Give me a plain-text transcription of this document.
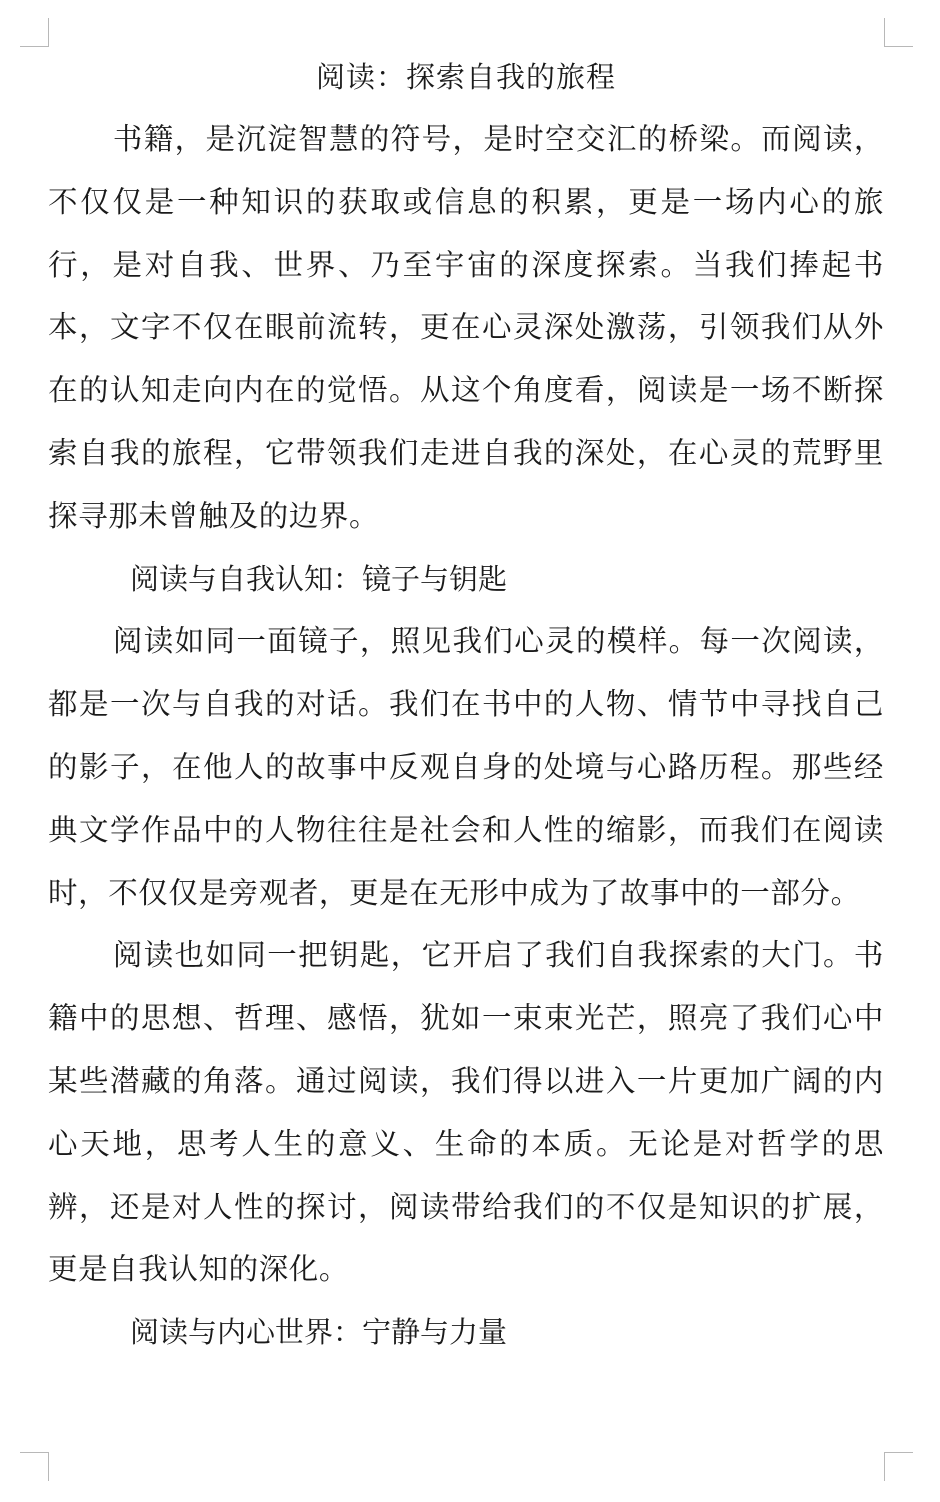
阅读：探索自我的旅程

书籍，是沉淀智慧的符号，是时空交汇的桥梁。而阅读，不仅仅是一种知识的获取或信息的积累，更是一场内心的旅行，是对自我、世界、乃至宇宙的深度探索。当我们捧起书本，文字不仅在眼前流转，更在心灵深处激荡，引领我们从外在的认知走向内在的觉悟。从这个角度看，阅读是一场不断探索自我的旅程，它带领我们走进自我的深处，在心灵的荒野里探寻那未曾触及的边界。

阅读与自我认知：镜子与钥匙

阅读如同一面镜子，照见我们心灵的模样。每一次阅读，都是一次与自我的对话。我们在书中的人物、情节中寻找自己的影子，在他人的故事中反观自身的处境与心路历程。那些经典文学作品中的人物往往是社会和人性的缩影，而我们在阅读时，不仅仅是旁观者，更是在无形中成为了故事中的一部分。

阅读也如同一把钥匙，它开启了我们自我探索的大门。书籍中的思想、哲理、感悟，犹如一束束光芒，照亮了我们心中某些潜藏的角落。通过阅读，我们得以进入一片更加广阔的内心天地，思考人生的意义、生命的本质。无论是对哲学的思辨，还是对人性的探讨，阅读带给我们的不仅是知识的扩展，更是自我认知的深化。

阅读与内心世界：宁静与力量
